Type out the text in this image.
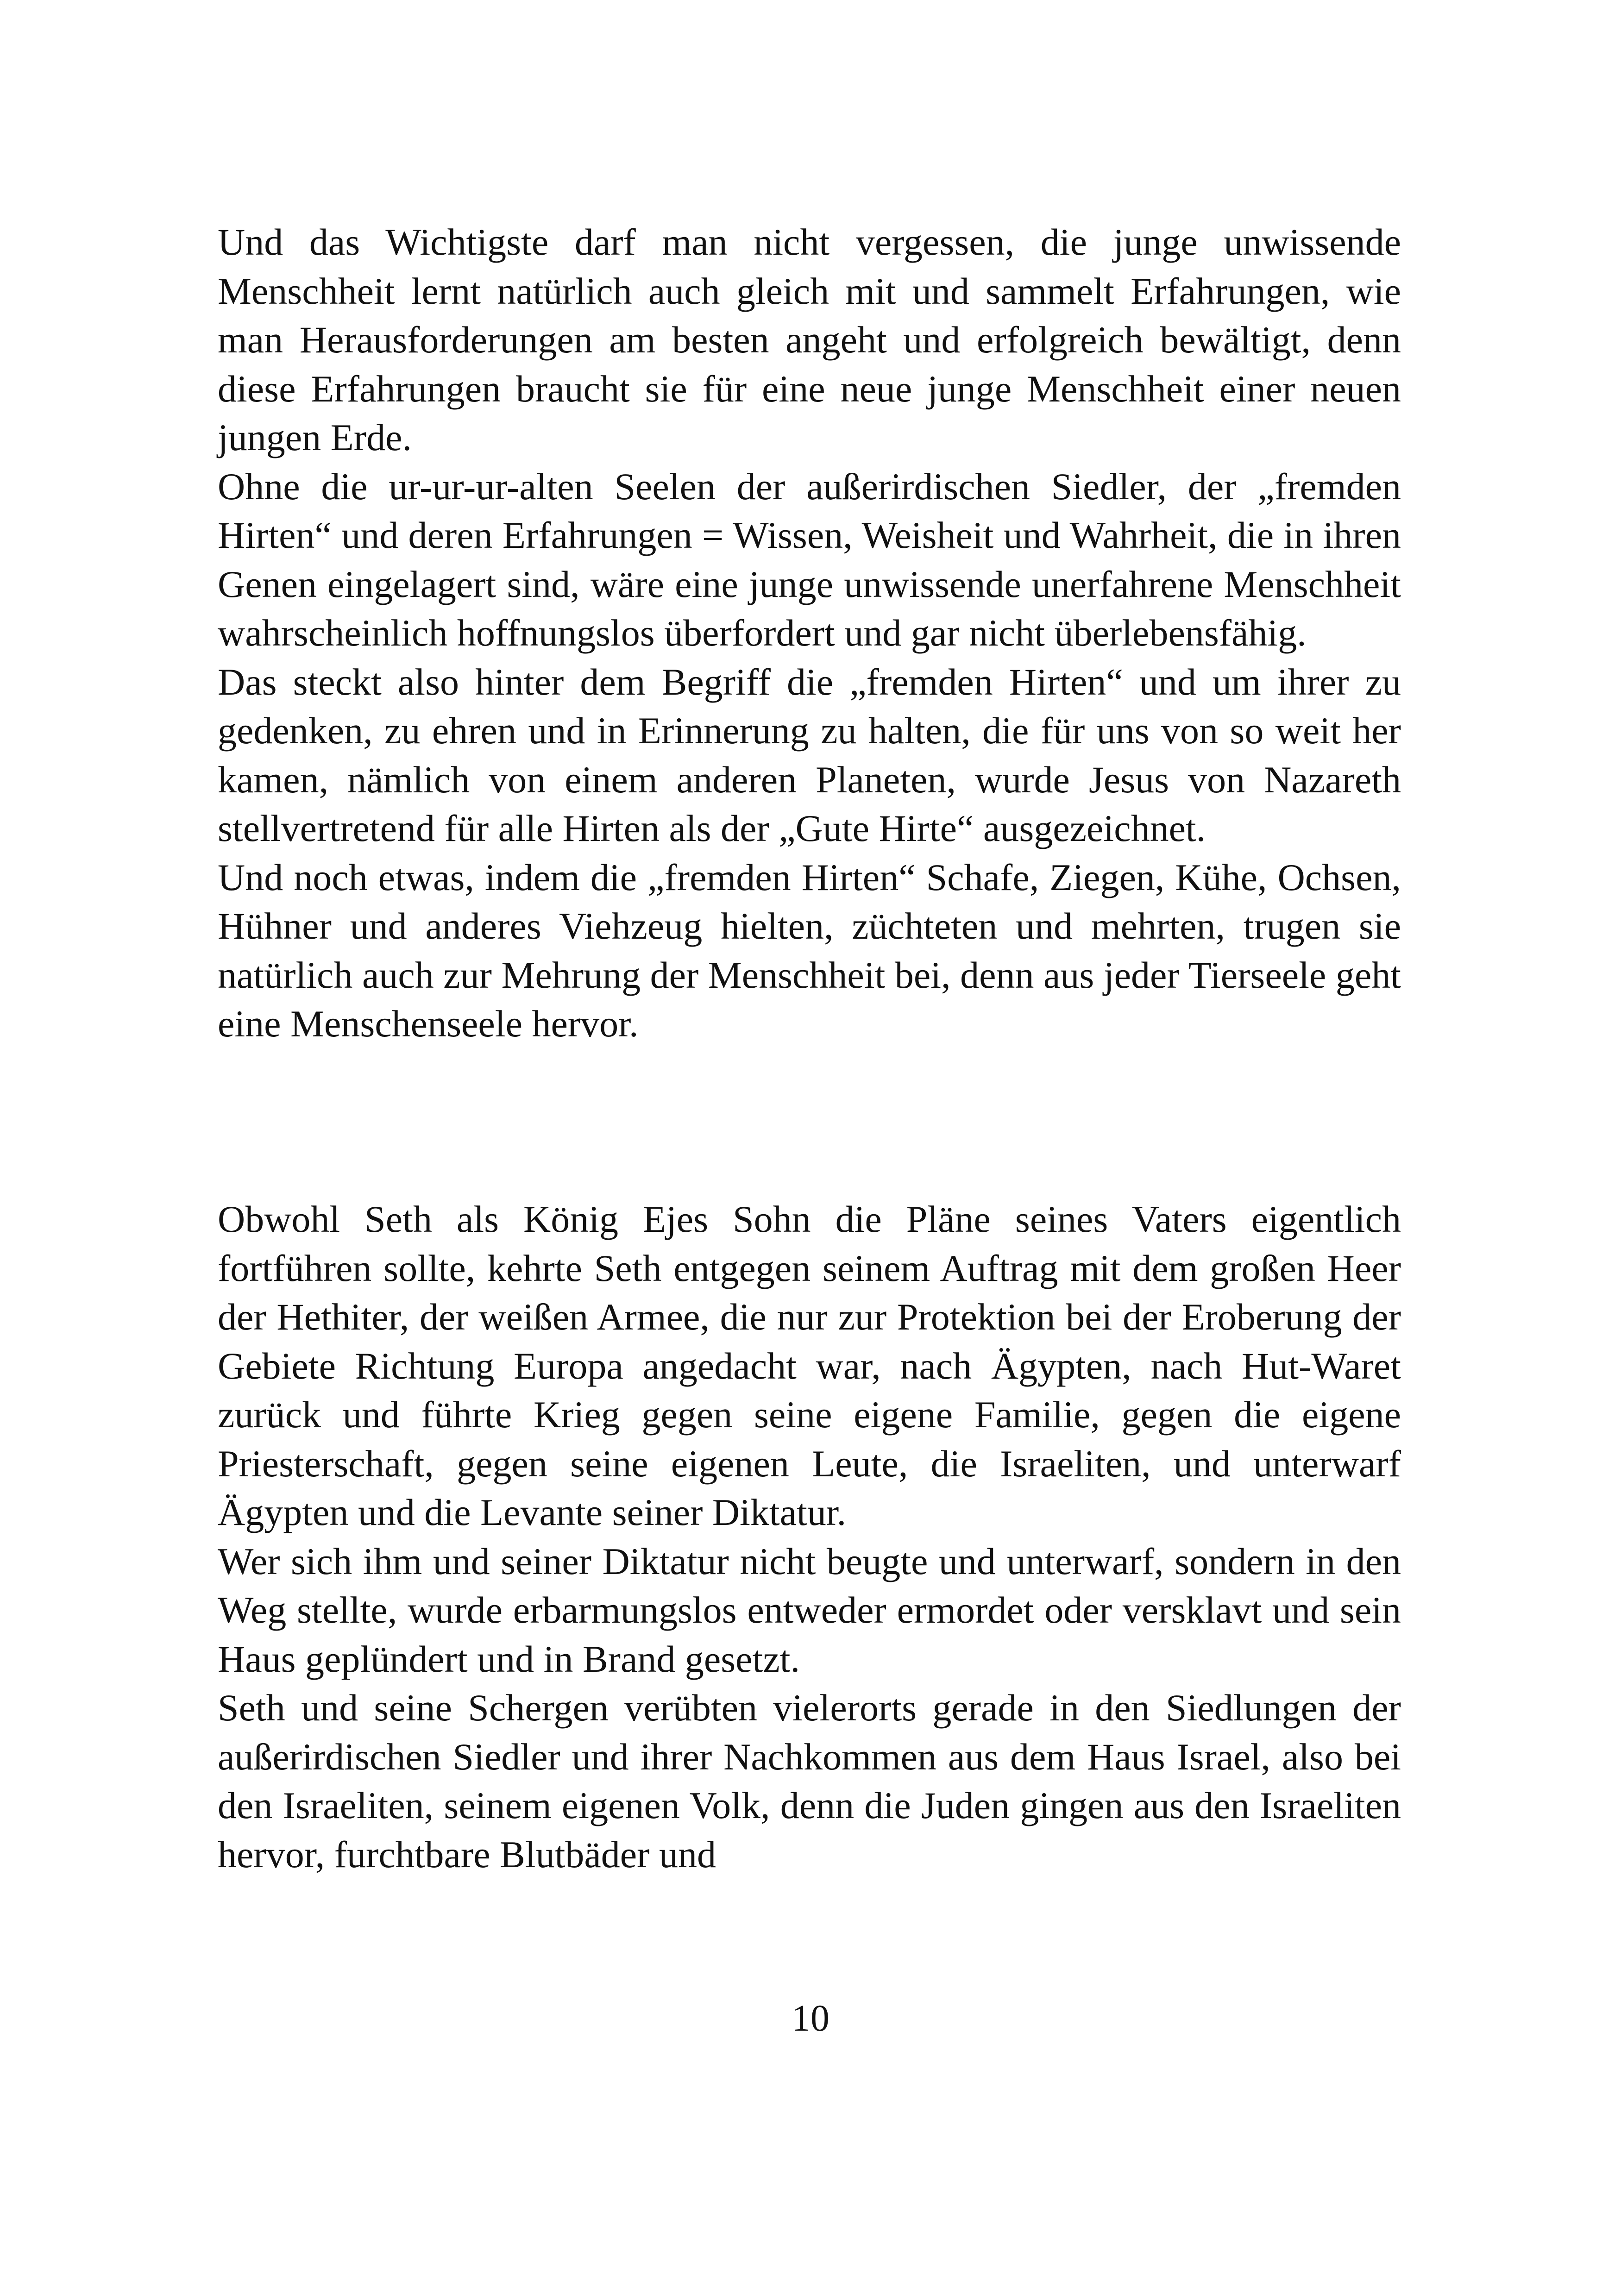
Und das Wichtigste darf man nicht vergessen, die junge unwissende Menschheit lernt natürlich auch gleich mit und sammelt Erfahrungen, wie man Herausforderungen am besten angeht und erfolgreich bewältigt, denn diese Erfahrungen braucht sie für eine neue junge Menschheit einer neuen jungen Erde.

Ohne die ur-ur-ur-alten Seelen der außerirdischen Siedler, der „fremden Hirten“ und deren Erfahrungen = Wissen, Weisheit und Wahrheit, die in ihren Genen eingelagert sind, wäre eine junge unwissende unerfahrene Menschheit wahrscheinlich hoffnungslos überfordert und gar nicht überlebensfähig.

Das steckt also hinter dem Begriff die „fremden Hirten“ und um ihrer zu gedenken, zu ehren und in Erinnerung zu halten, die für uns von so weit her kamen, nämlich von einem anderen Planeten, wurde Jesus von Nazareth stellvertretend für alle Hirten als der „Gute Hirte“ ausgezeichnet.

Und noch etwas, indem die „fremden Hirten“ Schafe, Ziegen, Kühe, Ochsen, Hühner und anderes Viehzeug hielten, züchteten und mehrten, trugen sie natürlich auch zur Mehrung der Menschheit bei, denn aus jeder Tierseele geht eine Menschenseele hervor.

Obwohl Seth als König Ejes Sohn die Pläne seines Vaters eigentlich fortführen sollte, kehrte Seth entgegen seinem Auftrag mit dem großen Heer der Hethiter, der weißen Armee, die nur zur Protektion bei der Eroberung der Gebiete Richtung Europa angedacht war, nach Ägypten, nach Hut-Waret zurück und führte Krieg gegen seine eigene Familie, gegen die eigene Priesterschaft, gegen seine eigenen Leute, die Israeliten, und unterwarf Ägypten und die Levante seiner Diktatur.

Wer sich ihm und seiner Diktatur nicht beugte und unterwarf, sondern in den Weg stellte, wurde erbarmungslos entweder ermordet oder versklavt und sein Haus geplündert und in Brand gesetzt.

Seth und seine Schergen verübten vielerorts gerade in den Siedlungen der außerirdischen Siedler und ihrer Nachkommen aus dem Haus Israel, also bei den Israeliten, seinem eigenen Volk, denn die Juden gingen aus den Israeliten hervor, furchtbare Blutbäder und

10
